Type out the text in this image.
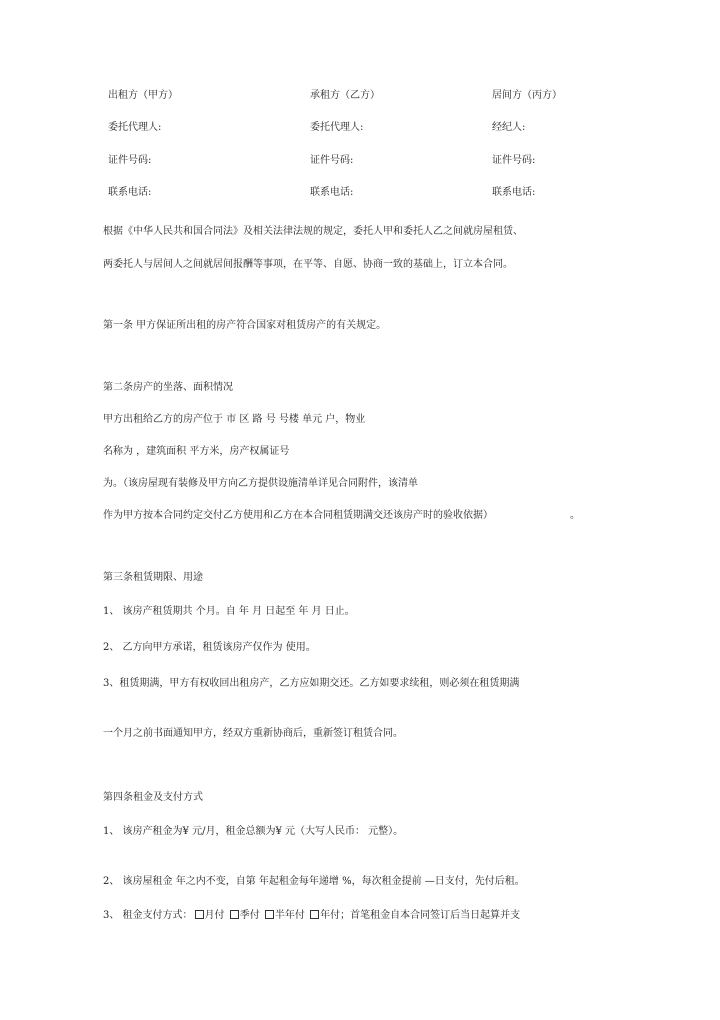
出租方（甲方）	承租方（乙方）	居间方（丙方）
委托代理人:	委托代理人:	经纪人:
证件号码:	证件号码:	证件号码:
联系电话:	联系电话:	联系电话:
根据《中华人民共和国合同法》及相关法律法规的规定，委托人甲和委托人乙之间就房屋租赁、
两委托人与居间人之间就居间报酬等事项，在平等、自愿、协商一致的基础上，订立本合同。
第一条 甲方保证所出租的房产符合国家对租赁房产的有关规定。
第二条房产的坐落、面积情况
甲方出租给乙方的房产位于 市 区 路 号 号楼 单元 户，物业
名称为 ，建筑面积 平方米，房产权属证号
为。（该房屋现有装修及甲方向乙方提供设施清单详见合同附件，该清单
作为甲方按本合同约定交付乙方使用和乙方在本合同租赁期满交还该房产时的验收依据）	。
第三条租赁期限、用途
1、 该房产租赁期共 个月。自 年 月 日起至 年 月 日止。
2、 乙方向甲方承诺，租赁该房产仅作为 使用。
3、租赁期满，甲方有权收回出租房产，乙方应如期交还。乙方如要求续租，则必须在租赁期满
一个月之前书面通知甲方，经双方重新协商后，重新签订租赁合同。
第四条租金及支付方式
1、 该房产租金为¥ 元/月，租金总额为¥ 元（大写人民币： 元整）。
2、 该房屋租金 年之内不变，自第 年起租金每年递增 %，每次租金提前 —日支付，先付后租。
3、 租金支付方式： 月付 季付 半年付 年付；首笔租金自本合同签订后当日起算并支
